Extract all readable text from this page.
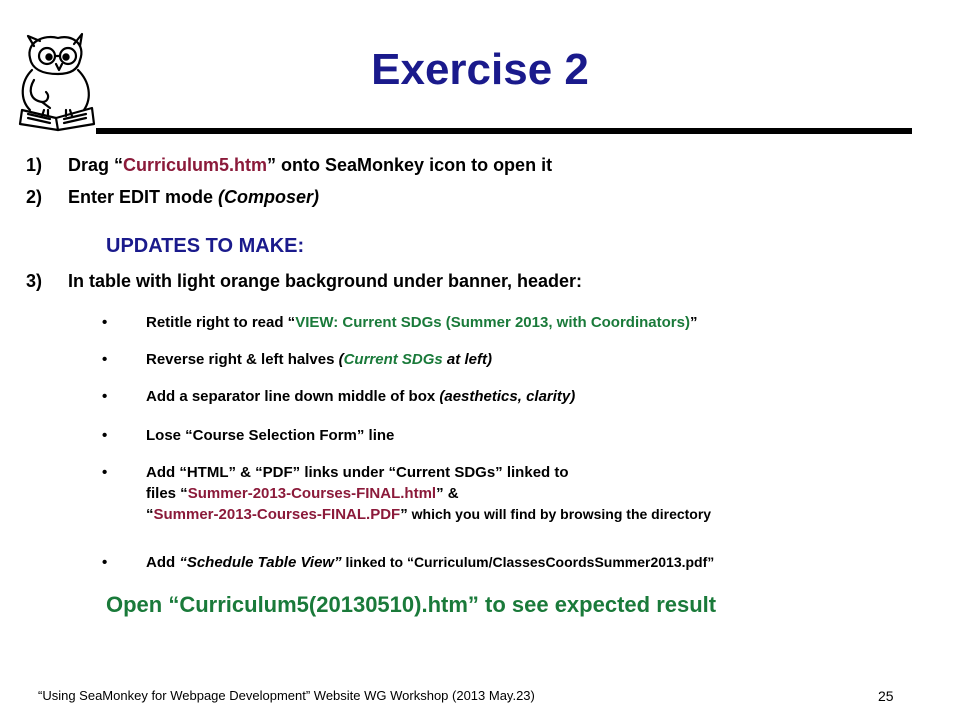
Exercise 2
1) Drag “Curriculum5.htm” onto SeaMonkey icon to open it
2) Enter EDIT mode (Composer)
UPDATES TO MAKE:
3) In table with light orange background under banner, header:
•	Retitle right to read “VIEW: Current SDGs (Summer 2013, with Coordinators)”
•	Reverse right & left halves (Current SDGs at left)
•	Add a separator line down middle of box (aesthetics, clarity)
•	Lose “Course Selection Form” line
•	Add “HTML” & “PDF” links under “Current SDGs” linked to
files “Summer-2013-Courses-FINAL.html” &
“Summer-2013-Courses-FINAL.PDF” which you will find by browsing the directory
•	Add “Schedule Table View” linked to “Curriculum/ClassesCoordsSummer2013.pdf”
Open “Curriculum5(20130510).htm” to see expected result
“Using SeaMonkey for Webpage Development” Website WG Workshop (2013 May.23)	25
